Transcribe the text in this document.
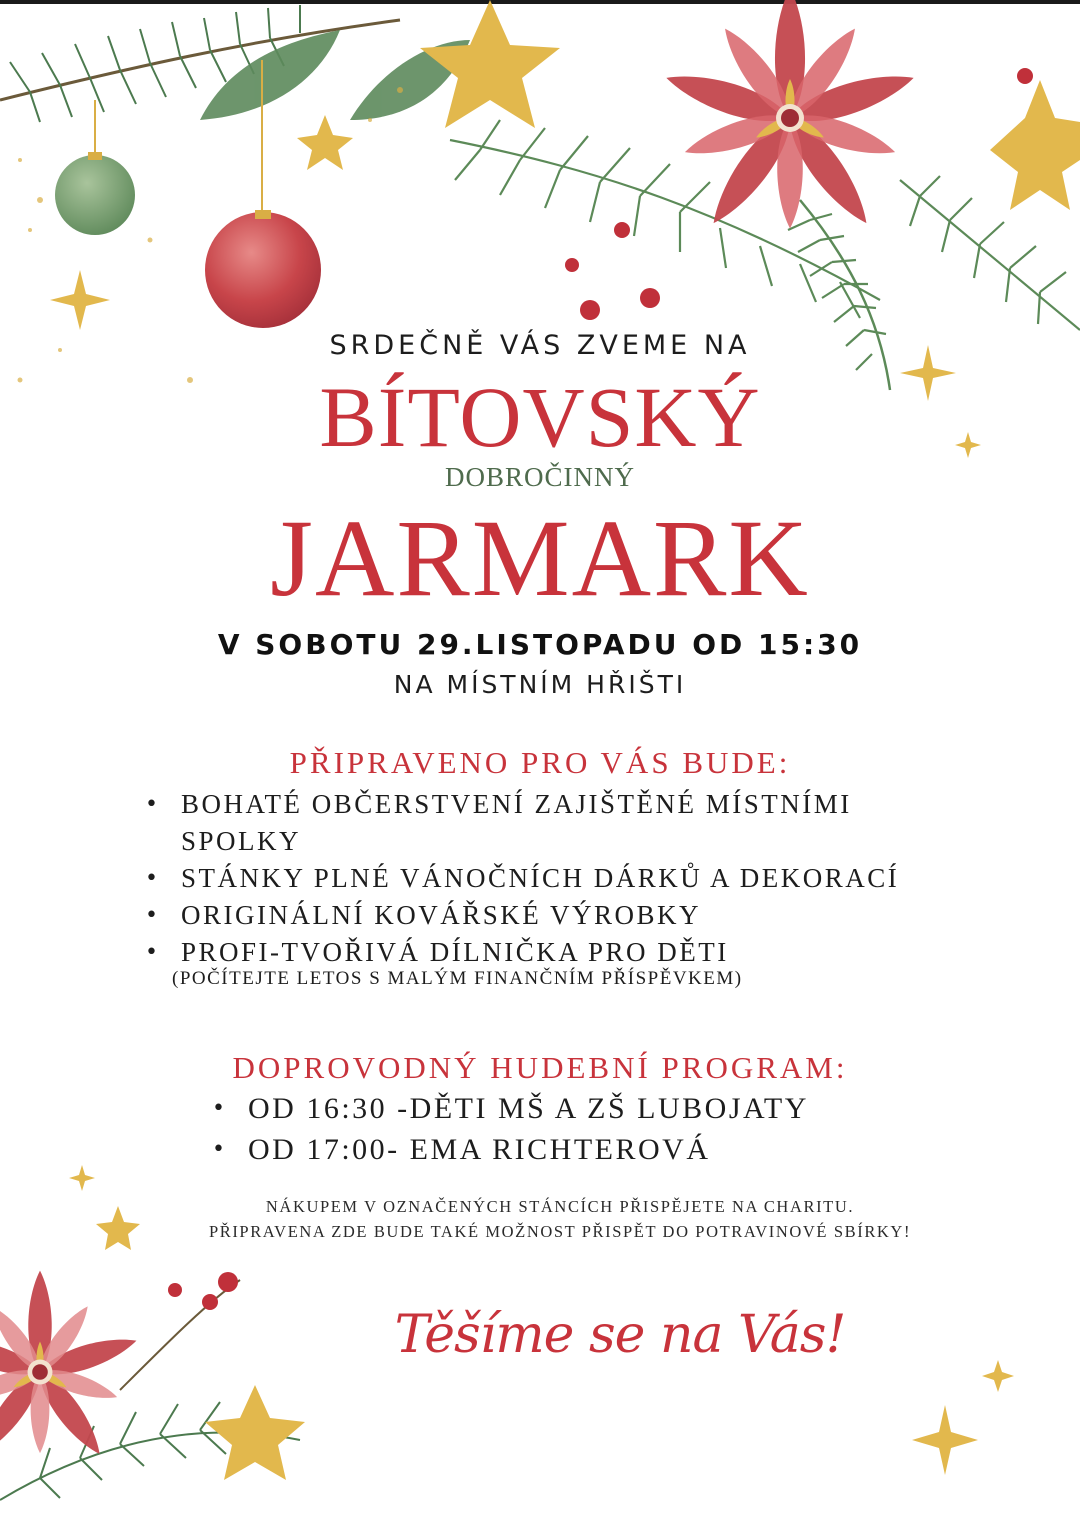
SRDEČNĚ VÁS ZVEME NA
BÍTOVSKÝ
DOBROČINNÝ
JARMARK
V SOBOTU 29.LISTOPADU OD 15:30
NA MÍSTNÍM HŘIŠTI
PŘIPRAVENO PRO VÁS BUDE:
• BOHATÉ OBČERSTVENÍ ZAJIŠTĚNÉ MÍSTNÍMI SPOLKY
• STÁNKY PLNÉ VÁNOČNÍCH DÁRKŮ A DEKORACÍ
• ORIGINÁLNÍ KOVÁŘSKÉ VÝROBKY
• PROFI-TVOŘIVÁ DÍLNIČKA PRO DĚTI
(POČÍTEJTE LETOS S MALÝM FINANČNÍM PŘÍSPĚVKEM)
DOPROVODNÝ HUDEBNÍ PROGRAM:
• OD 16:30 -DĚTI MŠ A ZŠ LUBOJATY
• OD 17:00- EMA RICHTEROVÁ
NÁKUPEM V OZNAČENÝCH STÁNCÍCH PŘISPĚJETE NA CHARITU.
PŘIPRAVENA ZDE BUDE TAKÉ MOŽNOST PŘISPĚT DO POTRAVINOVÉ SBÍRKY!
Těšíme se na Vás!
